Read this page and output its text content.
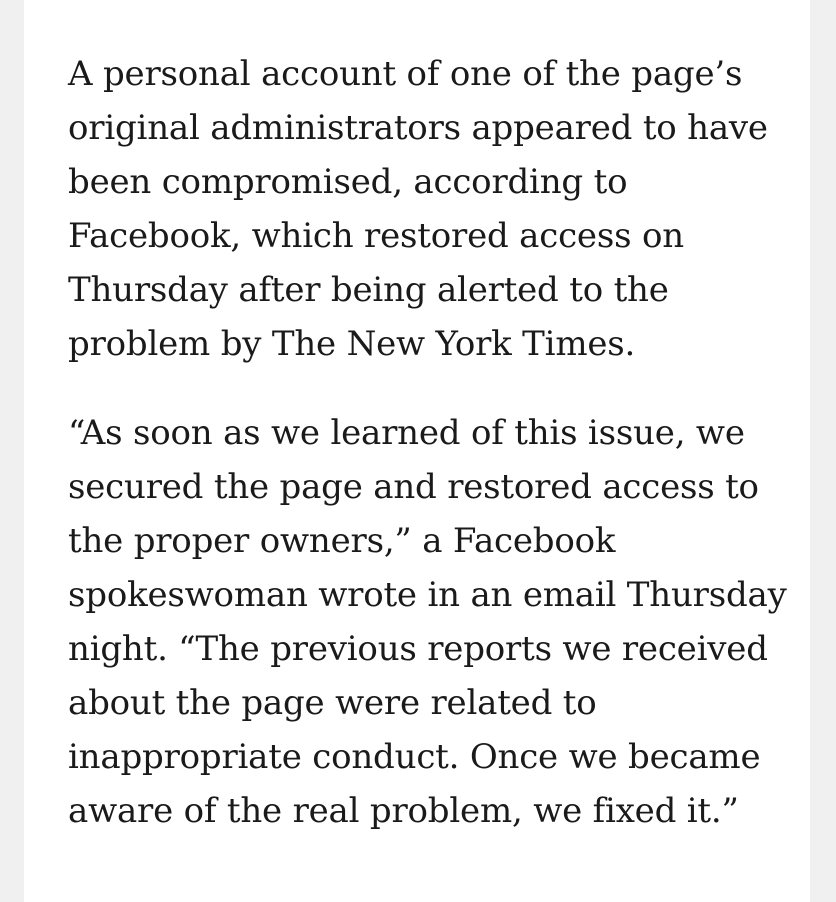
A personal account of one of the page’s original administrators appeared to have been compromised, according to Facebook, which restored access on Thursday after being alerted to the problem by The New York Times.

“As soon as we learned of this issue, we secured the page and restored access to the proper owners,” a Facebook spokeswoman wrote in an email Thursday night. “The previous reports we received about the page were related to inappropriate conduct. Once we became aware of the real problem, we fixed it.”
